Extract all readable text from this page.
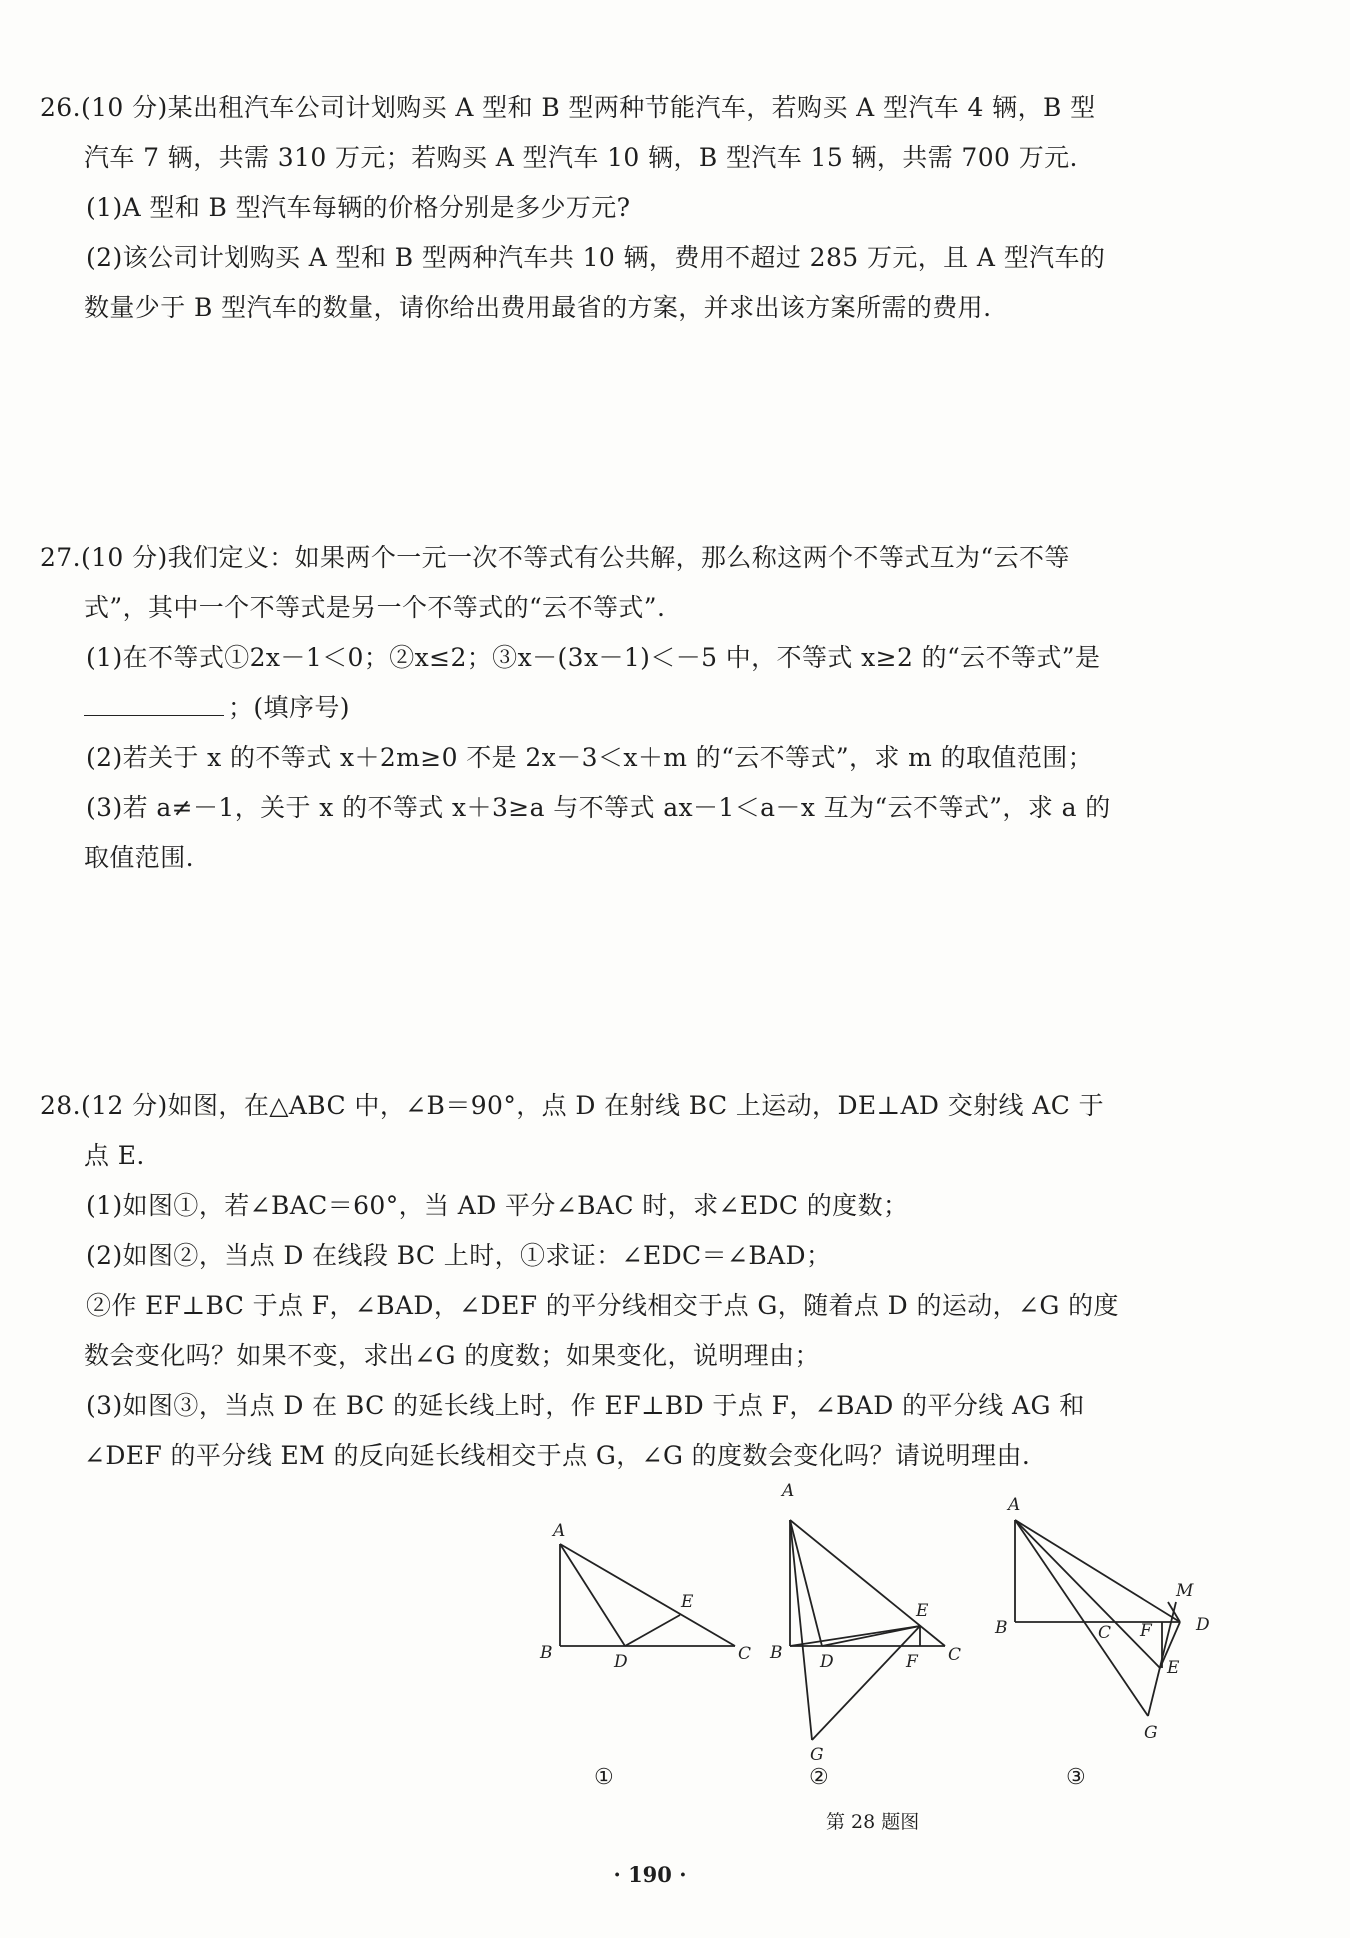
26.(10 分)某出租汽车公司计划购买 A 型和 B 型两种节能汽车，若购买 A 型汽车 4 辆，B 型
汽车 7 辆，共需 310 万元；若购买 A 型汽车 10 辆，B 型汽车 15 辆，共需 700 万元.
(1)A 型和 B 型汽车每辆的价格分别是多少万元?
(2)该公司计划购买 A 型和 B 型两种汽车共 10 辆，费用不超过 285 万元，且 A 型汽车的
数量少于 B 型汽车的数量，请你给出费用最省的方案，并求出该方案所需的费用.
27.(10 分)我们定义：如果两个一元一次不等式有公共解，那么称这两个不等式互为“云不等
式”，其中一个不等式是另一个不等式的“云不等式”.
(1)在不等式①2x－1＜0；②x≤2；③x－(3x－1)＜－5 中，不等式 x≥2 的“云不等式”是
；(填序号)
(2)若关于 x 的不等式 x＋2m≥0 不是 2x－3＜x＋m 的“云不等式”，求 m 的取值范围；
(3)若 a≠－1，关于 x 的不等式 x＋3≥a 与不等式 ax－1＜a－x 互为“云不等式”，求 a 的
取值范围.
28.(12 分)如图，在△ABC 中，∠B＝90°，点 D 在射线 BC 上运动，DE⊥AD 交射线 AC 于
点 E.
(1)如图①，若∠BAC＝60°，当 AD 平分∠BAC 时，求∠EDC 的度数；
(2)如图②，当点 D 在线段 BC 上时，①求证：∠EDC＝∠BAD；
②作 EF⊥BC 于点 F，∠BAD，∠DEF 的平分线相交于点 G，随着点 D 的运动，∠G 的度
数会变化吗？如果不变，求出∠G 的度数；如果变化，说明理由；
(3)如图③，当点 D 在 BC 的延长线上时，作 EF⊥BD 于点 F，∠BAD 的平分线 AG 和
∠DEF 的平分线 EM 的反向延长线相交于点 G，∠G 的度数会变化吗？请说明理由.
A
B	D
E
C
①
A
B D
E
F C
G
②
A
B	C F
M
D
E
G
③
第 28 题图
· 190 ·
